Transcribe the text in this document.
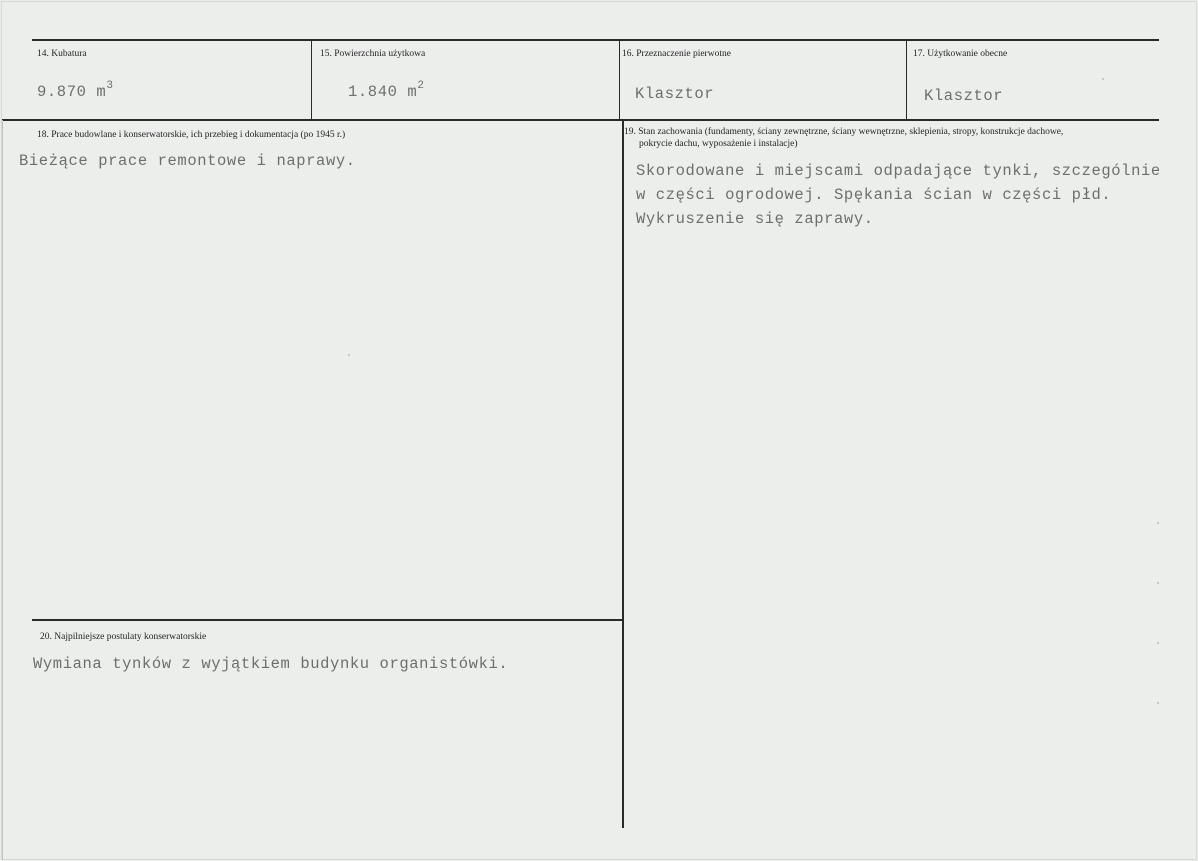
14. Kubatura
9.870 $m^3$
15. Powierzchnia użytkowa
1.840 $m^2$
16. Przeznaczenie pierwotne
Klasztor
17. Użytkowanie obecne
Klasztor
18. Prace budowlane i konserwatorskie, ich przebieg i dokumentacja (po 1945 r.)
Bieżące prace remontowe i naprawy.
19. Stan zachowania (fundamenty, ściany zewnętrzne, ściany wewnętrzne, sklepienia, stropy, konstrukcje dachowe,
pokrycie dachu, wyposażenie i instalacje)
Skorodowane i miejscami odpadające tynki, szczególnie
w części ogrodowej. Spękania ścian w części płd.
Wykruszenie się zaprawy.
20. Najpilniejsze postulaty konserwatorskie
Wymiana tynków z wyjątkiem budynku organistówki.
